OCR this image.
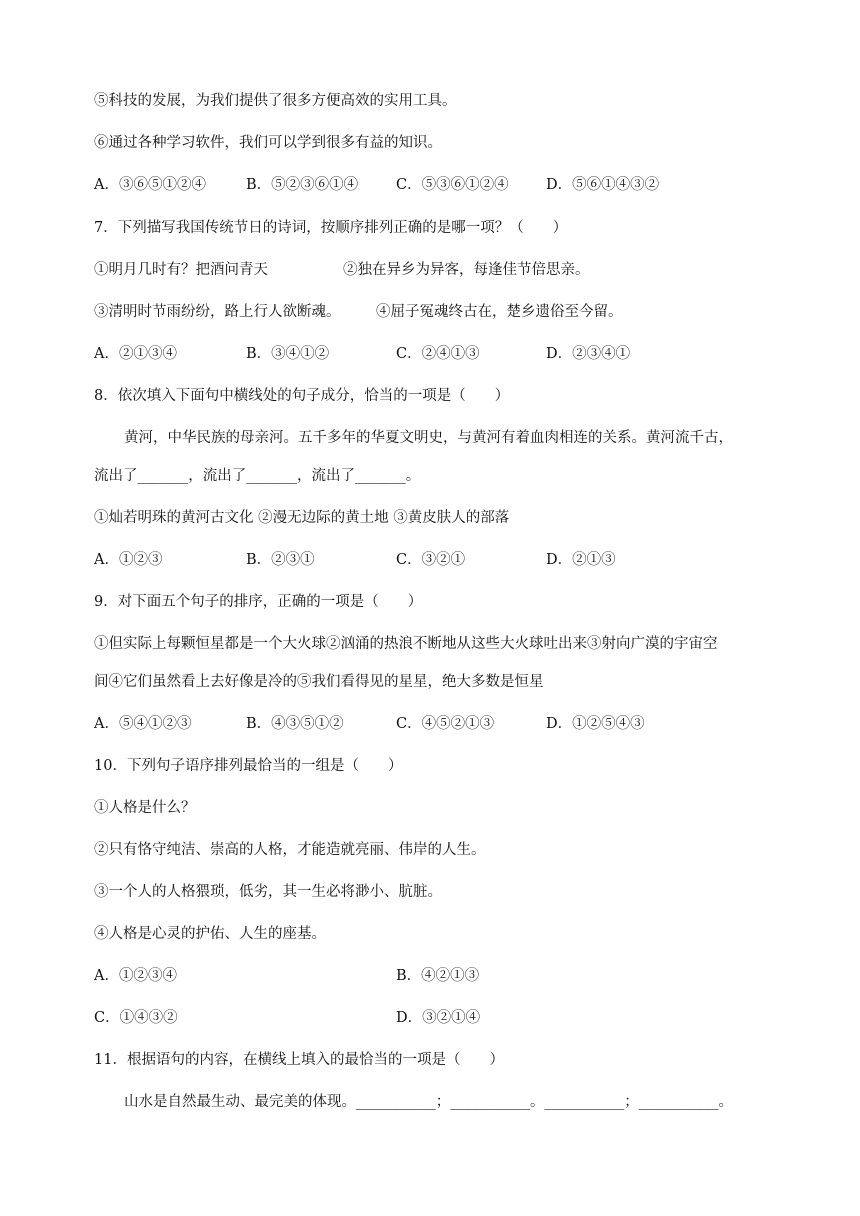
⑤科技的发展，为我们提供了很多方便高效的实用工具。
⑥通过各种学习软件，我们可以学到很多有益的知识。
A．③⑥⑤①②④	B．⑤②③⑥①④	C．⑤③⑥①②④	D．⑤⑥①④③②
7．下列描写我国传统节日的诗词，按顺序排列正确的是哪一项？（　　）
①明月几时有？把酒问青天	②独在异乡为异客，每逢佳节倍思亲。
③清明时节雨纷纷，路上行人欲断魂。 ④屈子冤魂终古在，楚乡遗俗至今留。
A．②①③④	B．③④①②	C．②④①③	D．②③④①
8．依次填入下面句中横线处的句子成分，恰当的一项是（　　）
黄河，中华民族的母亲河。五千多年的华夏文明史，与黄河有着血肉相连的关系。黄河流千古，
流出了_______，流出了_______，流出了_______。
①灿若明珠的黄河古文化 ②漫无边际的黄土地 ③黄皮肤人的部落
A．①②③	B．②③①	C．③②①	D．②①③
9．对下面五个句子的排序，正确的一项是（　　）
①但实际上每颗恒星都是一个大火球②汹涌的热浪不断地从这些大火球吐出来③射向广漠的宇宙空
间④它们虽然看上去好像是冷的⑤我们看得见的星星，绝大多数是恒星
A．⑤④①②③	B．④③⑤①②	C．④⑤②①③	D．①②⑤④③
10．下列句子语序排列最恰当的一组是（　　）
①人格是什么？
②只有恪守纯洁、崇高的人格，才能造就亮丽、伟岸的人生。
③一个人的人格猥琐，低劣，其一生必将渺小、肮脏。
④人格是心灵的护佑、人生的座基。
A．①②③④	B．④②①③
C．①④③②	D．③②①④
11．根据语句的内容，在横线上填入的最恰当的一项是（　　）
山水是自然最生动、最完美的体现。___________；___________。___________；___________。
